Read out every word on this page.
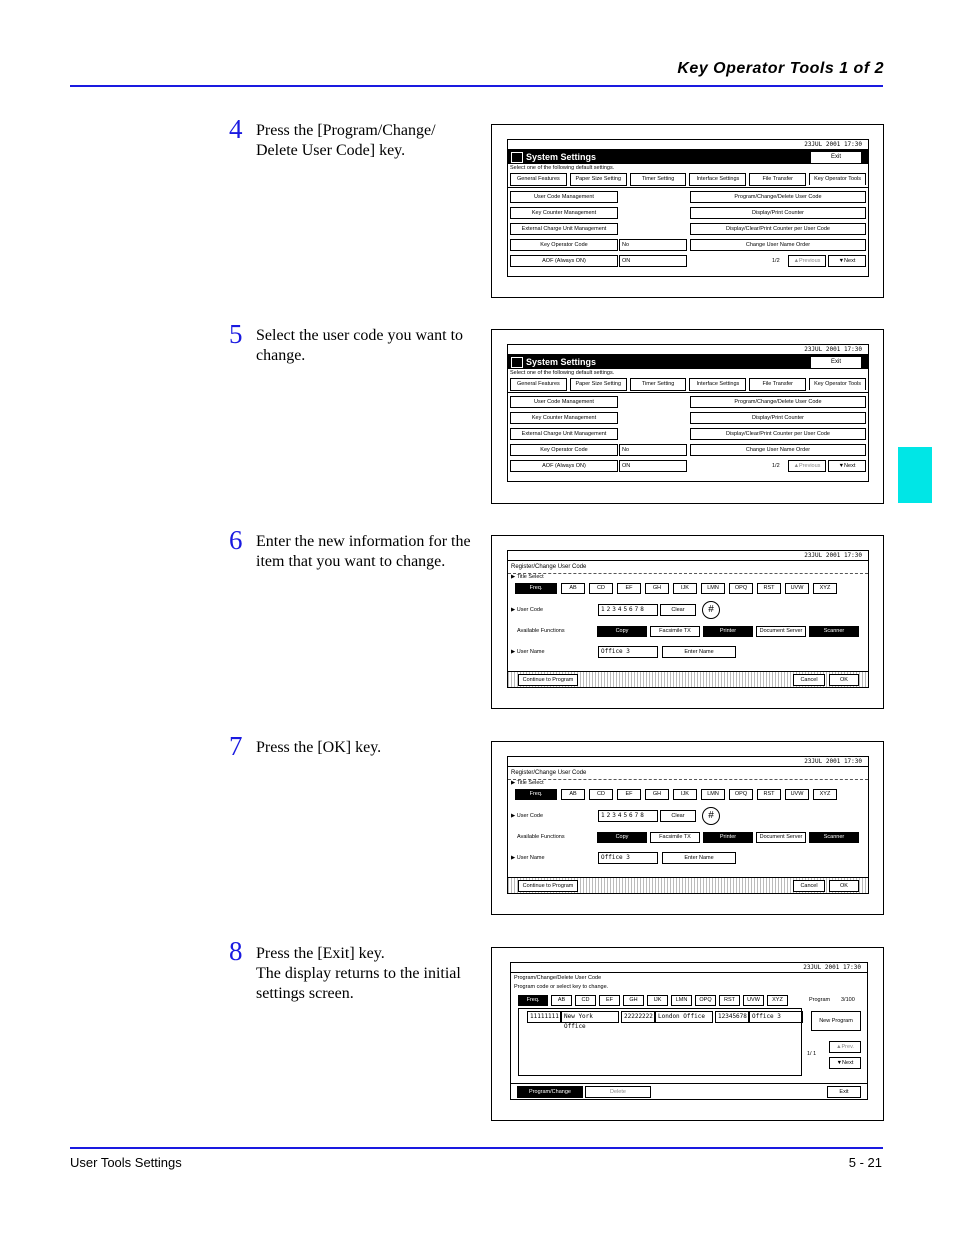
Key Operator Tools 1 of 2
4 Press the [Program/Change/ Delete User Code] key.	23JUL 2001 17:30
System Settings	Exit
Select one of the following default settings.
General Features	Paper Size Setting	Timer Setting	Interface Settings	File Transfer	Key Operator Tools
User Code Management
Key Counter Management
External Charge Unit Management
Key Operator Code	No
AOF (Always ON)	ON
Program/Change/Delete User Code
Display/Print Counter
Display/Clear/Print Counter per User Code
Change User Name Order
1/2	▲Previous	▼Next
5 Select the user code you want to change.	23JUL 2001 17:30
System Settings	Exit
Select one of the following default settings.
General Features	Paper Size Setting	Timer Setting	Interface Settings	File Transfer	Key Operator Tools
User Code Management
Key Counter Management
External Charge Unit Management
Key Operator Code	No
AOF (Always ON)	ON
Program/Change/Delete User Code
Display/Print Counter
Display/Clear/Print Counter per User Code
Change User Name Order
1/2	▲Previous	▼Next
6 Enter the new information for the item that you want to change.	23JUL 2001 17:30
Register/Change User Code
▶ Title Select
Freq.	AB	CD	EF	GH	IJK	LMN	OPQ	RST	UVW	XYZ
▶ User Code	12345678	Clear	#
Available Functions	Copy	Facsimile TX	Printer	Document Server	Scanner
▶ User Name	Office 3	Enter Name
Continue to Program	Cancel	OK
7 Press the [OK] key.
23JUL 2001 17:30
Register/Change User Code
▶ Title Select
Freq.	AB	CD	EF	GH	IJK	LMN	OPQ	RST	UVW	XYZ
▶ User Code	12345678	Clear	#
Available Functions	Copy	Facsimile TX	Printer	Document Server	Scanner
▶ User Name	Office 3	Enter Name
Continue to Program	Cancel	OK
8 Press the [Exit] key.
The display returns to the initial settings screen.
23JUL 2001 17:30
Program/Change/Delete User Code
Program code or select key to change.
Freq.	AB	CD	EF	GH	IJK	LMN	OPQ	RST	UVW	XYZ	Program 3/100
11111111 New York Office
22222222 London Office	12345678 Office 3
New Program
1/ 1
▲Prev.
▼Next
Program/Change	Delete	Exit
User Tools Settings	5 - 21
